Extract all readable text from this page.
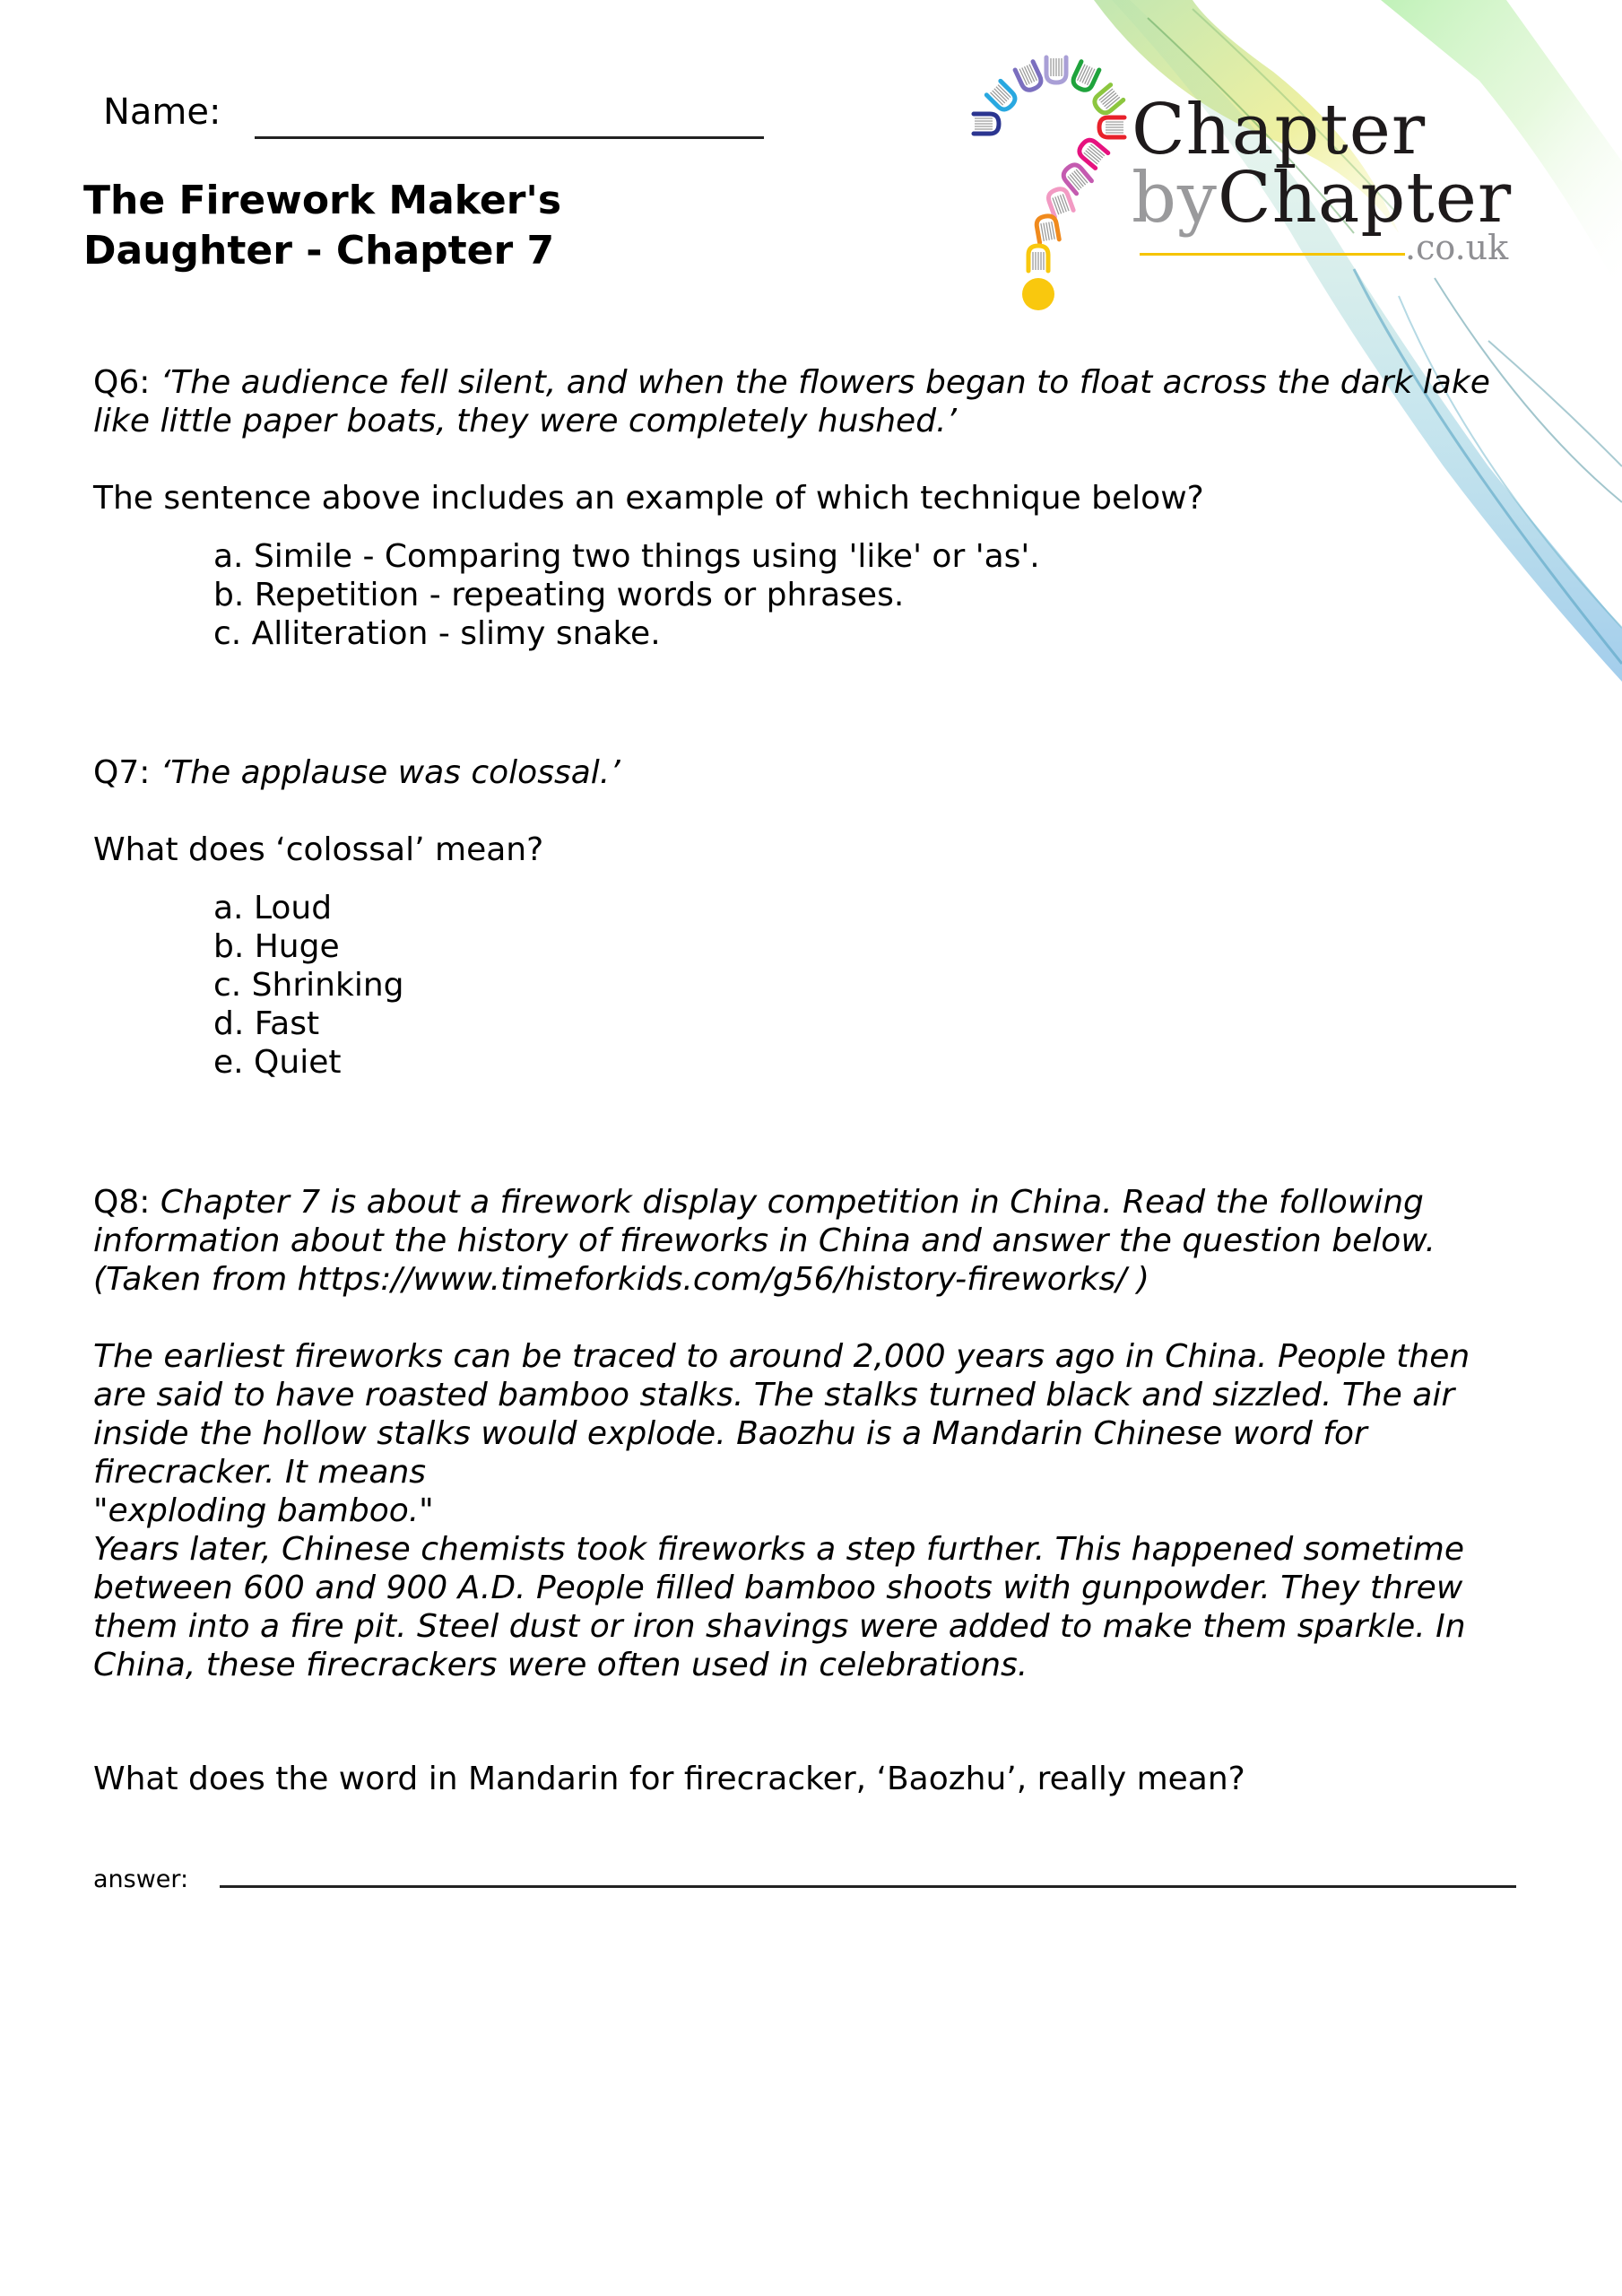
Name:
The Firework Maker's
Daughter - Chapter 7
Chapter
byChapter
.co.uk
Q6: ‘The audience fell silent, and when the flowers began to float across the dark lake
like little paper boats, they were completely hushed.’
The sentence above includes an example of which technique below?
a. Simile - Comparing two things using 'like' or 'as'.
b. Repetition - repeating words or phrases.
c. Alliteration - slimy snake.
Q7: ‘The applause was colossal.’
What does ‘colossal’ mean?
a. Loud
b. Huge
c. Shrinking
d. Fast
e. Quiet
Q8: Chapter 7 is about a firework display competition in China. Read the following
information about the history of fireworks in China and answer the question below.
(Taken from https://www.timeforkids.com/g56/history-fireworks/ )
The earliest fireworks can be traced to around 2,000 years ago in China. People then
are said to have roasted bamboo stalks. The stalks turned black and sizzled. The air
inside the hollow stalks would explode. Baozhu is a Mandarin Chinese word for
firecracker. It means
"exploding bamboo."
Years later, Chinese chemists took fireworks a step further. This happened sometime
between 600 and 900 A.D. People filled bamboo shoots with gunpowder. They threw
them into a fire pit. Steel dust or iron shavings were added to make them sparkle. In
China, these firecrackers were often used in celebrations.
What does the word in Mandarin for firecracker, ‘Baozhu’, really mean?
answer:
